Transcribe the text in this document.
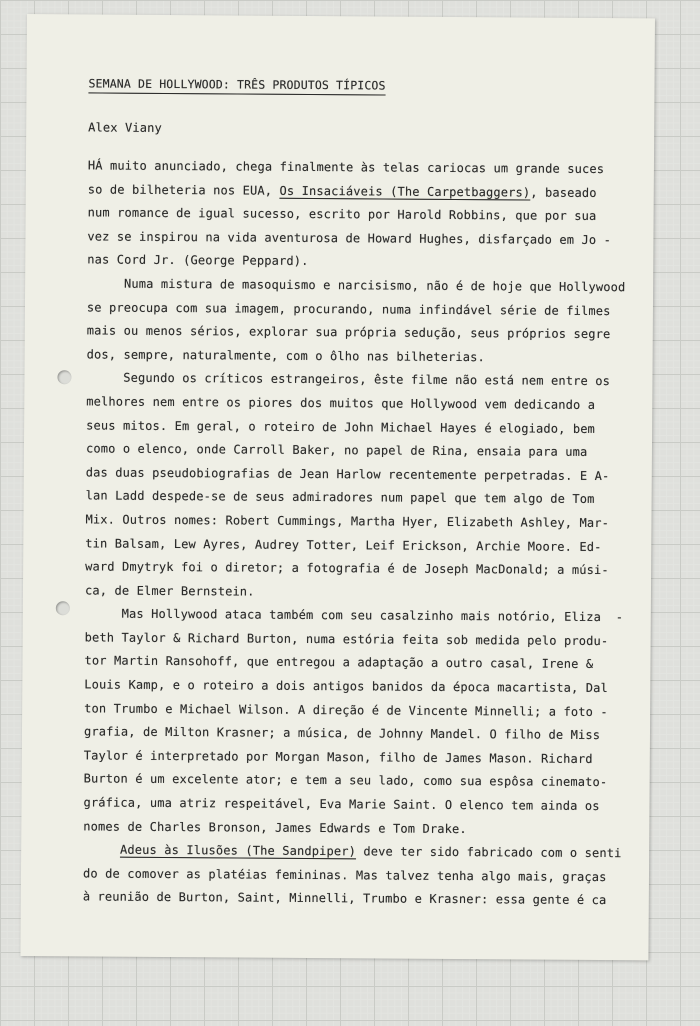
SEMANA DE HOLLYWOOD: TRÊS PRODUTOS TÍPICOS
Alex Viany
HÁ muito anunciado, chega finalmente às telas cariocas um grande suces
so de bilheteria nos EUA, Os Insaciáveis (The Carpetbaggers), baseado
num romance de igual sucesso, escrito por Harold Robbins, que por sua
vez se inspirou na vida aventurosa de Howard Hughes, disfarçado em Jo -
nas Cord Jr. (George Peppard).
Numa mistura de masoquismo e narcisismo, não é de hoje que Hollywood
se preocupa com sua imagem, procurando, numa infindável série de filmes
mais ou menos sérios, explorar sua própria sedução, seus próprios segre
dos, sempre, naturalmente, com o ôlho nas bilheterias.
Segundo os críticos estrangeiros, êste filme não está nem entre os
melhores nem entre os piores dos muitos que Hollywood vem dedicando a
seus mitos. Em geral, o roteiro de John Michael Hayes é elogiado, bem
como o elenco, onde Carroll Baker, no papel de Rina, ensaia para uma
das duas pseudobiografias de Jean Harlow recentemente perpetradas. E A-
lan Ladd despede-se de seus admiradores num papel que tem algo de Tom
Mix. Outros nomes: Robert Cummings, Martha Hyer, Elizabeth Ashley, Mar-
tin Balsam, Lew Ayres, Audrey Totter, Leif Erickson, Archie Moore. Ed-
ward Dmytryk foi o diretor; a fotografia é de Joseph MacDonald; a músi-
ca, de Elmer Bernstein.
Mas Hollywood ataca também com seu casalzinho mais notório, Eliza  -
beth Taylor & Richard Burton, numa estória feita sob medida pelo produ-
tor Martin Ransohoff, que entregou a adaptação a outro casal, Irene &
Louis Kamp, e o roteiro a dois antigos banidos da época macartista, Dal
ton Trumbo e Michael Wilson. A direção é de Vincente Minnelli; a foto -
grafia, de Milton Krasner; a música, de Johnny Mandel. O filho de Miss
Taylor é interpretado por Morgan Mason, filho de James Mason. Richard
Burton é um excelente ator; e tem a seu lado, como sua espôsa cinemato-
gráfica, uma atriz respeitável, Eva Marie Saint. O elenco tem ainda os
nomes de Charles Bronson, James Edwards e Tom Drake.
Adeus às Ilusões (The Sandpiper) deve ter sido fabricado com o senti
do de comover as platéias femininas. Mas talvez tenha algo mais, graças
à reunião de Burton, Saint, Minnelli, Trumbo e Krasner: essa gente é ca
